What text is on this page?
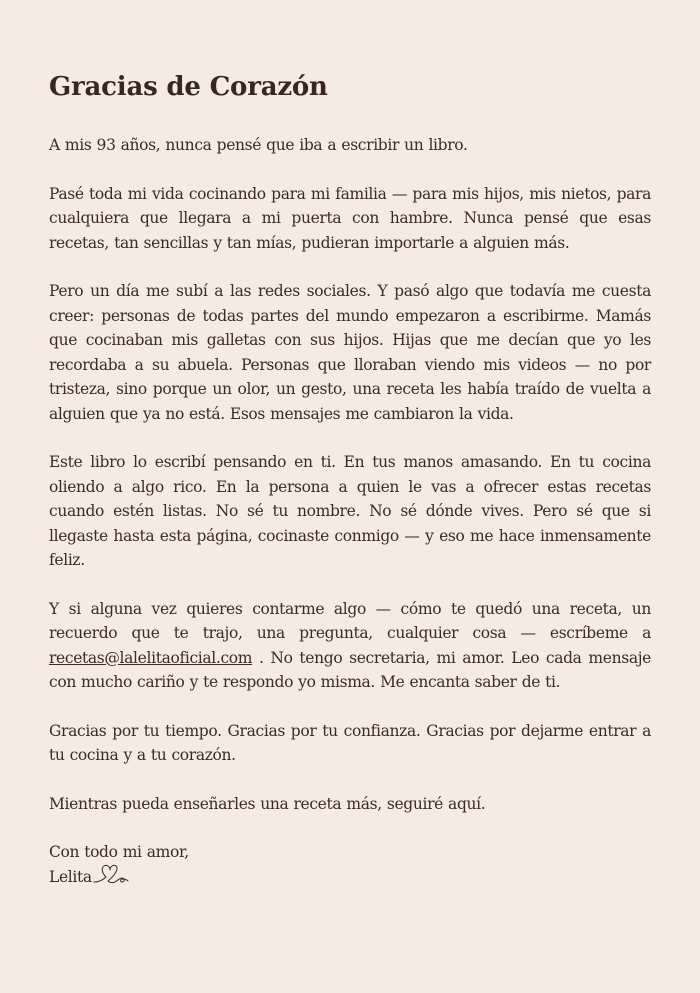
Gracias de Corazón

A mis 93 años, nunca pensé que iba a escribir un libro.

Pasé toda mi vida cocinando para mi familia — para mis hijos, mis nietos, para cualquiera que llegara a mi puerta con hambre. Nunca pensé que esas recetas, tan sencillas y tan mías, pudieran importarle a alguien más.

Pero un día me subí a las redes sociales. Y pasó algo que todavía me cuesta creer: personas de todas partes del mundo empezaron a escribirme. Mamás que cocinaban mis galletas con sus hijos. Hijas que me decían que yo les recordaba a su abuela. Personas que lloraban viendo mis videos — no por tristeza, sino porque un olor, un gesto, una receta les había traído de vuelta a alguien que ya no está. Esos mensajes me cambiaron la vida.

Este libro lo escribí pensando en ti. En tus manos amasando. En tu cocina oliendo a algo rico. En la persona a quien le vas a ofrecer estas recetas cuando estén listas. No sé tu nombre. No sé dónde vives. Pero sé que si llegaste hasta esta página, cocinaste conmigo — y eso me hace inmensamente feliz.

Y si alguna vez quieres contarme algo — cómo te quedó una receta, un recuerdo que te trajo, una pregunta, cualquier cosa — escríbeme a recetas@lalelitaoficial.com . No tengo secretaria, mi amor. Leo cada mensaje con mucho cariño y te respondo yo misma. Me encanta saber de ti.

Gracias por tu tiempo. Gracias por tu confianza. Gracias por dejarme entrar a tu cocina y a tu corazón.

Mientras pueda enseñarles una receta más, seguiré aquí.

Con todo mi amor,

Lelita
